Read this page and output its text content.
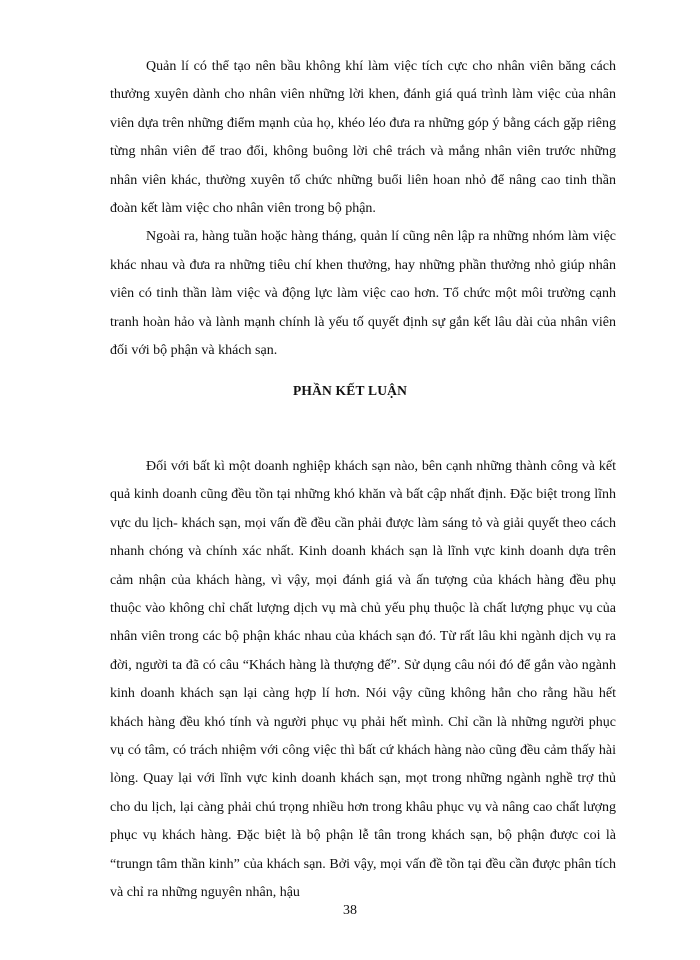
Quản lí có thể tạo nên bầu không khí làm việc tích cực cho nhân viên băng cách thưởng xuyên dành cho nhân viên những lời khen, đánh giá quá trình làm việc của nhân viên dựa trên những điểm mạnh của họ, khéo léo đưa ra những góp ý bằng cách gặp riêng từng nhân viên để trao đổi, không buông lời chê trách và mắng nhân viên trước những nhân viên khác, thường xuyên tổ chức những buổi liên hoan nhỏ để nâng cao tinh thần đoàn kết làm việc cho nhân viên trong bộ phận.

Ngoài ra, hàng tuần hoặc hàng tháng, quản lí cũng nên lập ra những nhóm làm việc khác nhau và đưa ra những tiêu chí khen thưởng, hay những phần thưởng nhỏ giúp nhân viên có tinh thần làm việc và động lực làm việc cao hơn. Tổ chức một môi trường cạnh tranh hoàn hảo và lành mạnh chính là yếu tố quyết định sự gắn kết lâu dài của nhân viên đối với bộ phận và khách sạn.

PHẦN KẾT LUẬN

Đối với bất kì một doanh nghiệp khách sạn nào, bên cạnh những thành công và kết quả kinh doanh cũng đều tồn tại những khó khăn và bất cập nhất định. Đặc biệt trong lĩnh vực du lịch- khách sạn, mọi vấn đề đều cần phải được làm sáng tỏ và giải quyết theo cách nhanh chóng và chính xác nhất. Kinh doanh khách sạn là lĩnh vực kinh doanh dựa trên cảm nhận của khách hàng, vì vậy, mọi đánh giá và ấn tượng của khách hàng đều phụ thuộc vào không chỉ chất lượng dịch vụ mà chủ yếu phụ thuộc là chất lượng phục vụ của nhân viên trong các bộ phận khác nhau của khách sạn đó. Từ rất lâu khi ngành dịch vụ ra đời, người ta đã có câu “Khách hàng là thượng đế”. Sử dụng câu nói đó để gắn vào ngành kinh doanh khách sạn lại càng hợp lí hơn. Nói vậy cũng không hẳn cho rằng hầu hết khách hàng đều khó tính và người phục vụ phải hết mình. Chỉ cần là những người phục vụ có tâm, có trách nhiệm với công việc thì bất cứ khách hàng nào cũng đều cảm thấy hài lòng. Quay lại với lĩnh vực kinh doanh khách sạn, mọt trong những ngành nghề trợ thủ cho du lịch, lại càng phải chú trọng nhiều hơn trong khâu phục vụ và nâng cao chất lượng phục vụ khách hàng. Đặc biệt là bộ phận lễ tân trong khách sạn, bộ phận được coi là “trungn tâm thần kinh” của khách sạn. Bởi vậy, mọi vấn đề tồn tại đều cần được phân tích và chỉ ra những nguyên nhân, hậu

38
